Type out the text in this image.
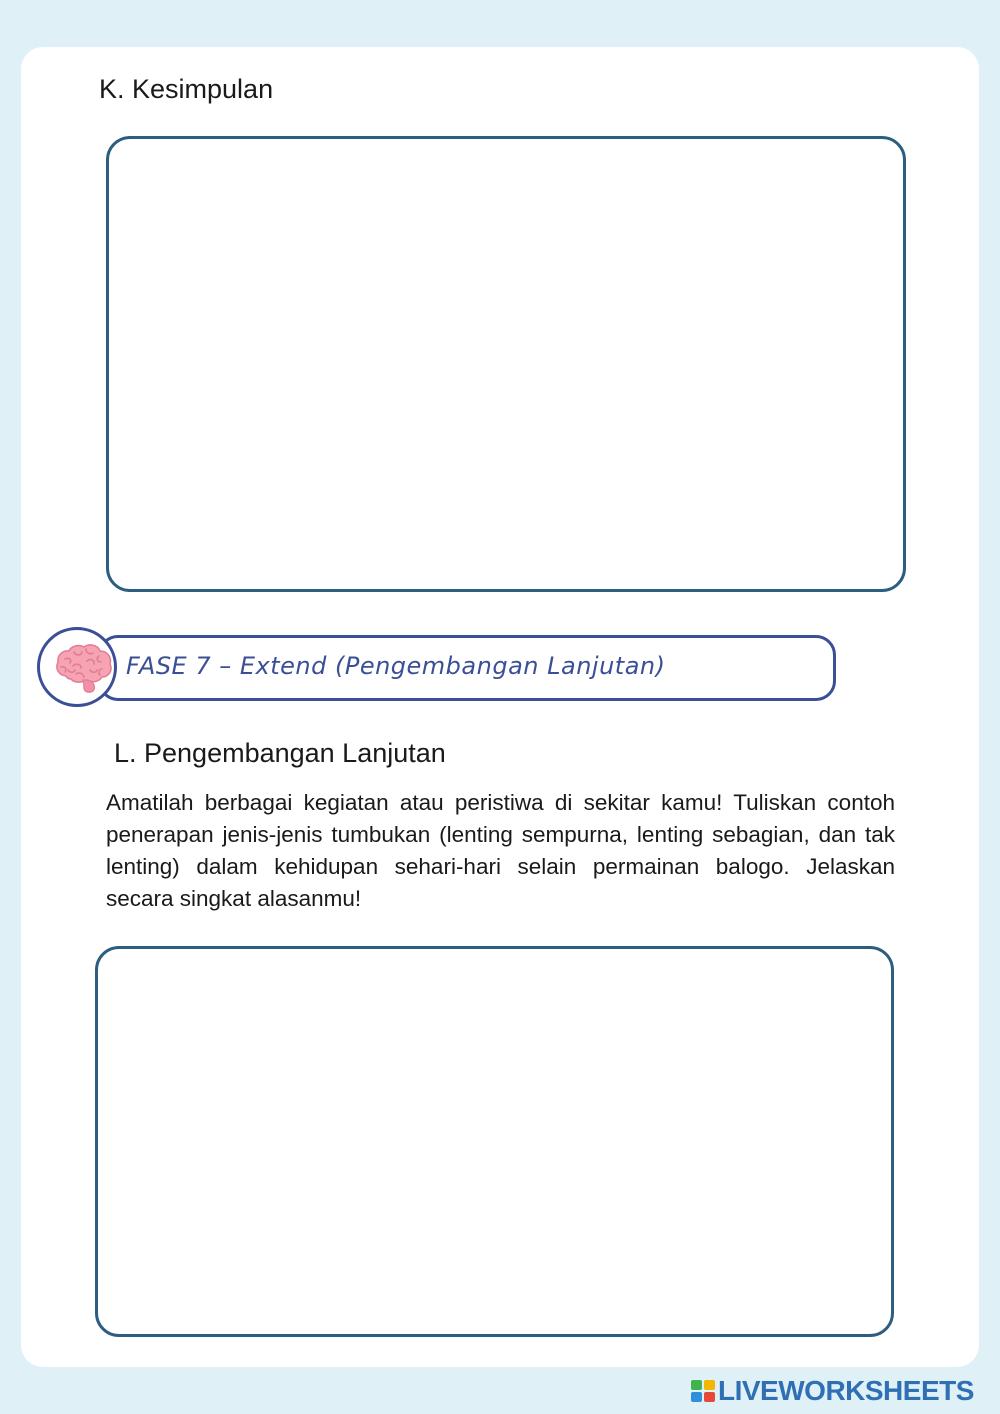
K. Kesimpulan
FASE 7 – Extend (Pengembangan Lanjutan)
L. Pengembangan Lanjutan

Amatilah berbagai kegiatan atau peristiwa di sekitar kamu! Tuliskan contoh penerapan jenis-jenis tumbukan (lenting sempurna, lenting sebagian, dan tak lenting) dalam kehidupan sehari-hari selain permainan balogo. Jelaskan secara singkat alasanmu!

LIVEWORKSHEETS
